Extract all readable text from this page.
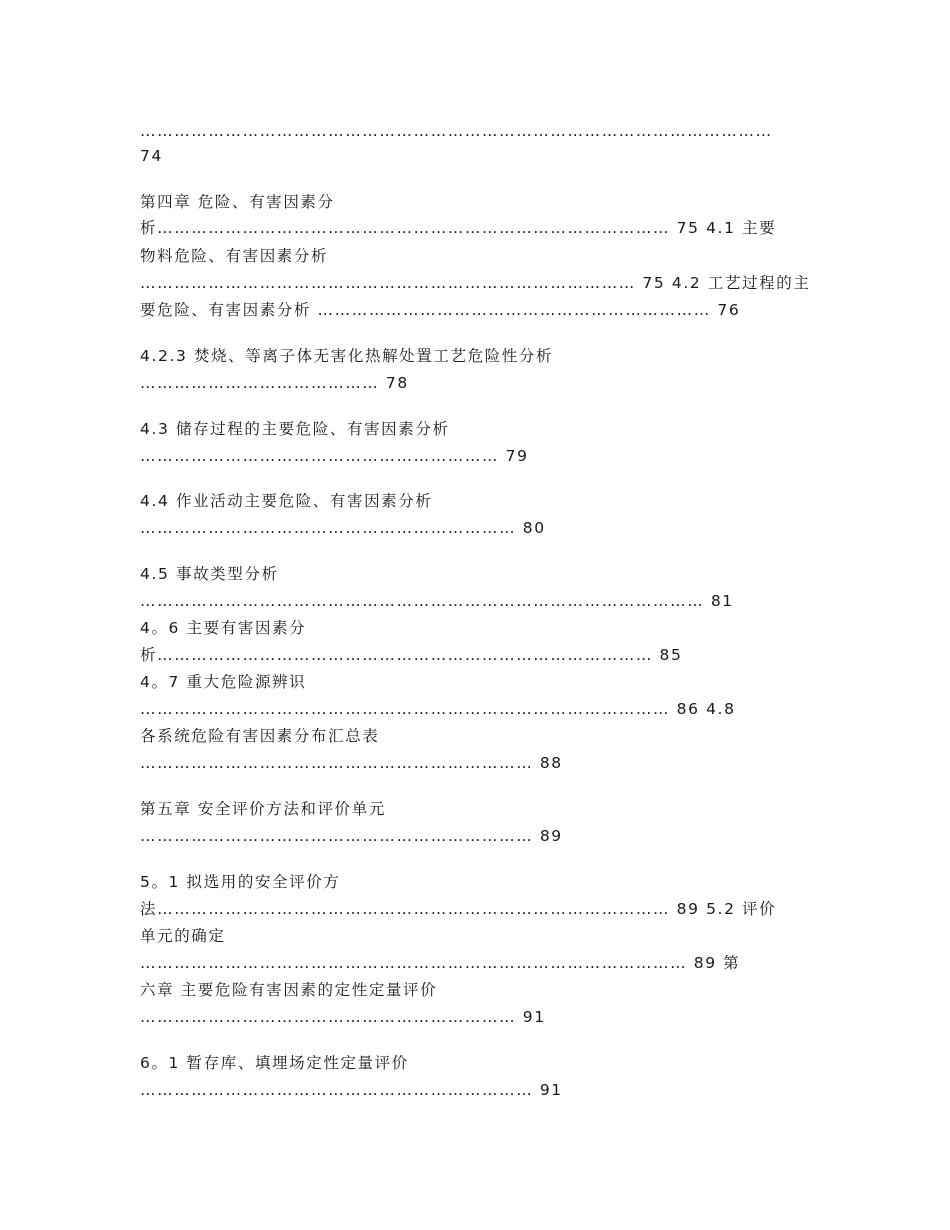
…………………………………………………………………………………………………

74

第四章 危险、有害因素分

析……………………………………………………………………………… 75 4.1 主要

物料危险、有害因素分析

…………………………………………………………………………… 75 4.2 工艺过程的主

要危险、有害因素分析 …………………………………………………………… 76

4.2.3 焚烧、等离子体无害化热解处置工艺危险性分析

…………………………………… 78

4.3 储存过程的主要危险、有害因素分析

……………………………………………………… 79

4.4 作业活动主要危险、有害因素分析

………………………………………………………… 80

4.5 事故类型分析

……………………………………………………………………………………… 81

4。6 主要有害因素分

析…………………………………………………………………………… 85

4。7 重大危险源辨识

………………………………………………………………………………… 86 4.8

各系统危险有害因素分布汇总表

…………………………………………………………… 88

第五章 安全评价方法和评价单元

…………………………………………………………… 89

5。1 拟选用的安全评价方

法……………………………………………………………………………… 89 5.2 评价

单元的确定

…………………………………………………………………………………… 89 第

六章 主要危险有害因素的定性定量评价

………………………………………………………… 91

6。1 暂存库、填埋场定性定量评价

…………………………………………………………… 91
